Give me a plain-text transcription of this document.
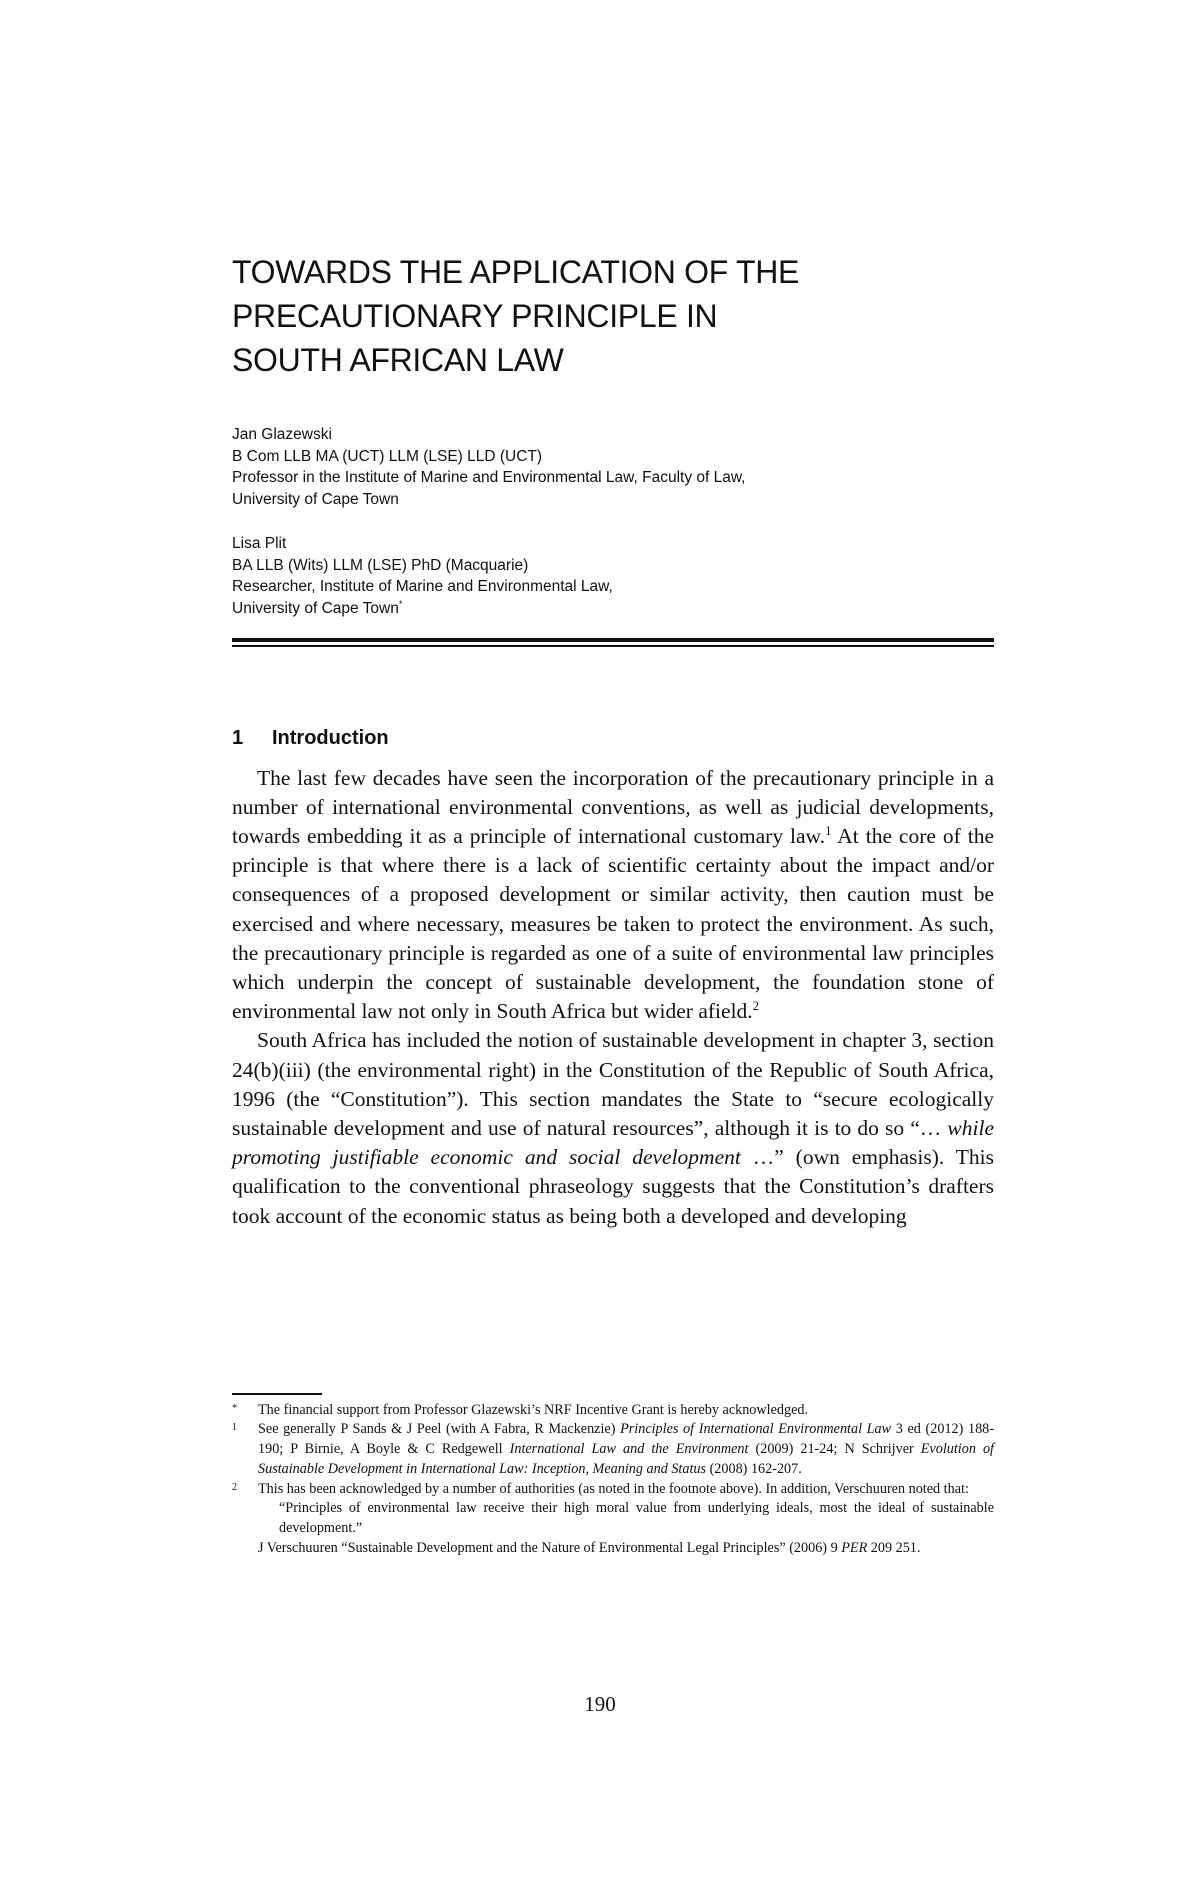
TOWARDS THE APPLICATION OF THE
PRECAUTIONARY PRINCIPLE IN
SOUTH AFRICAN LAW
Jan Glazewski
B Com LLB MA (UCT) LLM (LSE) LLD (UCT)
Professor in the Institute of Marine and Environmental Law, Faculty of Law,
University of Cape Town
Lisa Plit
BA LLB (Wits) LLM (LSE) PhD (Macquarie)
Researcher, Institute of Marine and Environmental Law,
University of Cape Town*
1 Introduction

The last few decades have seen the incorporation of the precautionary principle in a number of international environmental conventions, as well as judicial developments, towards embedding it as a principle of international customary law.$^1$ At the core of the principle is that where there is a lack of scientific certainty about the impact and/or consequences of a proposed development or similar activity, then caution must be exercised and where necessary, measures be taken to protect the environment. As such, the precautionary principle is regarded as one of a suite of environmental law principles which underpin the concept of sustainable development, the foundation stone of environmental law not only in South Africa but wider afield.$^2$

South Africa has included the notion of sustainable development in chapter 3, section 24(b)(iii) (the environmental right) in the Constitution of the Republic of South Africa, 1996 (the “Constitution”). This section mandates the State to “secure ecologically sustainable development and use of natural resources”, although it is to do so “… while promoting justifiable economic and social development …” (own emphasis). This qualification to the conventional phraseology suggests that the Constitution’s drafters took account of the economic status as being both a developed and developing

* The financial support from Professor Glazewski’s NRF Incentive Grant is hereby acknowledged.
1 See generally P Sands & J Peel (with A Fabra, R Mackenzie) Principles of International Environmental Law 3 ed (2012) 188-190; P Birnie, A Boyle & C Redgewell International Law and the Environment (2009) 21-24; N Schrijver Evolution of Sustainable Development in International Law: Inception, Meaning and Status (2008) 162-207.
2 This has been acknowledged by a number of authorities (as noted in the footnote above). In addition, Verschuuren noted that:
“Principles of environmental law receive their high moral value from underlying ideals, most the ideal of sustainable development.”
J Verschuuren “Sustainable Development and the Nature of Environmental Legal Principles” (2006) 9 PER 209 251.
190
